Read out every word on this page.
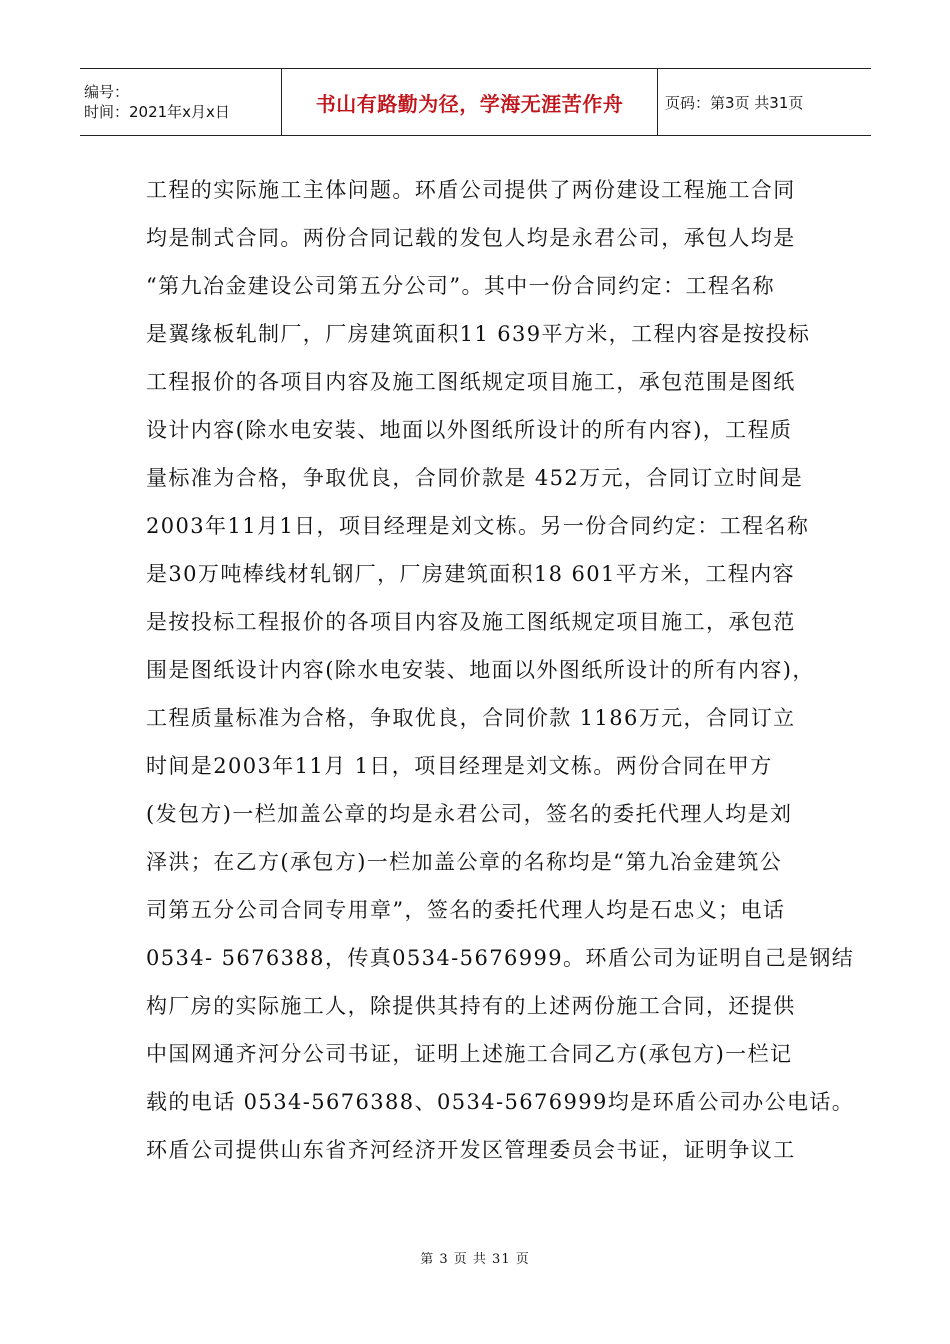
编号：
时间：2021年x月x日	书山有路勤为径，学海无涯苦作舟	页码：第3页 共31页
工程的实际施工主体问题。环盾公司提供了两份建设工程施工合同
均是制式合同。两份合同记载的发包人均是永君公司，承包人均是
“第九冶金建设公司第五分公司”。其中一份合同约定：工程名称
是翼缘板轧制厂，厂房建筑面积11 639平方米，工程内容是按投标
工程报价的各项目内容及施工图纸规定项目施工，承包范围是图纸
设计内容(除水电安装、地面以外图纸所设计的所有内容)，工程质
量标准为合格，争取优良，合同价款是 452万元，合同订立时间是
2003年11月1日，项目经理是刘文栋。另一份合同约定：工程名称
是30万吨棒线材轧钢厂，厂房建筑面积18 601平方米，工程内容
是按投标工程报价的各项目内容及施工图纸规定项目施工，承包范
围是图纸设计内容(除水电安装、地面以外图纸所设计的所有内容)，
工程质量标准为合格，争取优良，合同价款 1186万元，合同订立
时间是2003年11月 1日，项目经理是刘文栋。两份合同在甲方
(发包方)一栏加盖公章的均是永君公司，签名的委托代理人均是刘
泽洪；在乙方(承包方)一栏加盖公章的名称均是“第九冶金建筑公
司第五分公司合同专用章”，签名的委托代理人均是石忠义；电话
0534- 5676388，传真0534-5676999。环盾公司为证明自己是钢结
构厂房的实际施工人，除提供其持有的上述两份施工合同，还提供
中国网通齐河分公司书证，证明上述施工合同乙方(承包方)一栏记
载的电话 0534-5676388、0534-5676999均是环盾公司办公电话。
环盾公司提供山东省齐河经济开发区管理委员会书证，证明争议工
第 3 页 共 31 页
